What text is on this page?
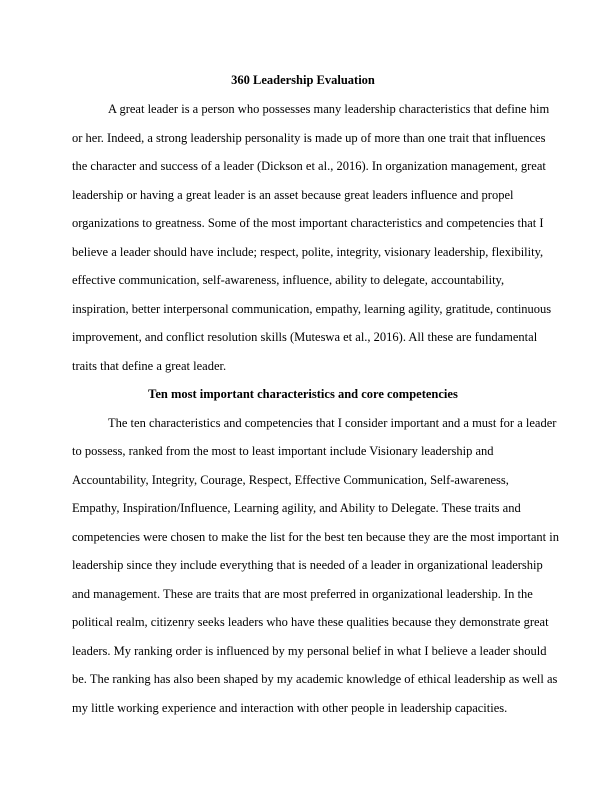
360 Leadership Evaluation
A great leader is a person who possesses many leadership characteristics that define him
or her. Indeed, a strong leadership personality is made up of more than one trait that influences
the character and success of a leader (Dickson et al., 2016). In organization management, great
leadership or having a great leader is an asset because great leaders influence and propel
organizations to greatness. Some of the most important characteristics and competencies that I
believe a leader should have include; respect, polite, integrity, visionary leadership, flexibility,
effective communication, self-awareness, influence, ability to delegate, accountability,
inspiration, better interpersonal communication, empathy, learning agility, gratitude, continuous
improvement, and conflict resolution skills (Muteswa et al., 2016). All these are fundamental
traits that define a great leader.
Ten most important characteristics and core competencies
The ten characteristics and competencies that I consider important and a must for a leader
to possess, ranked from the most to least important include Visionary leadership and
Accountability, Integrity, Courage, Respect, Effective Communication, Self-awareness,
Empathy, Inspiration/Influence, Learning agility, and Ability to Delegate. These traits and
competencies were chosen to make the list for the best ten because they are the most important in
leadership since they include everything that is needed of a leader in organizational leadership
and management. These are traits that are most preferred in organizational leadership. In the
political realm, citizenry seeks leaders who have these qualities because they demonstrate great
leaders. My ranking order is influenced by my personal belief in what I believe a leader should
be. The ranking has also been shaped by my academic knowledge of ethical leadership as well as
my little working experience and interaction with other people in leadership capacities.
